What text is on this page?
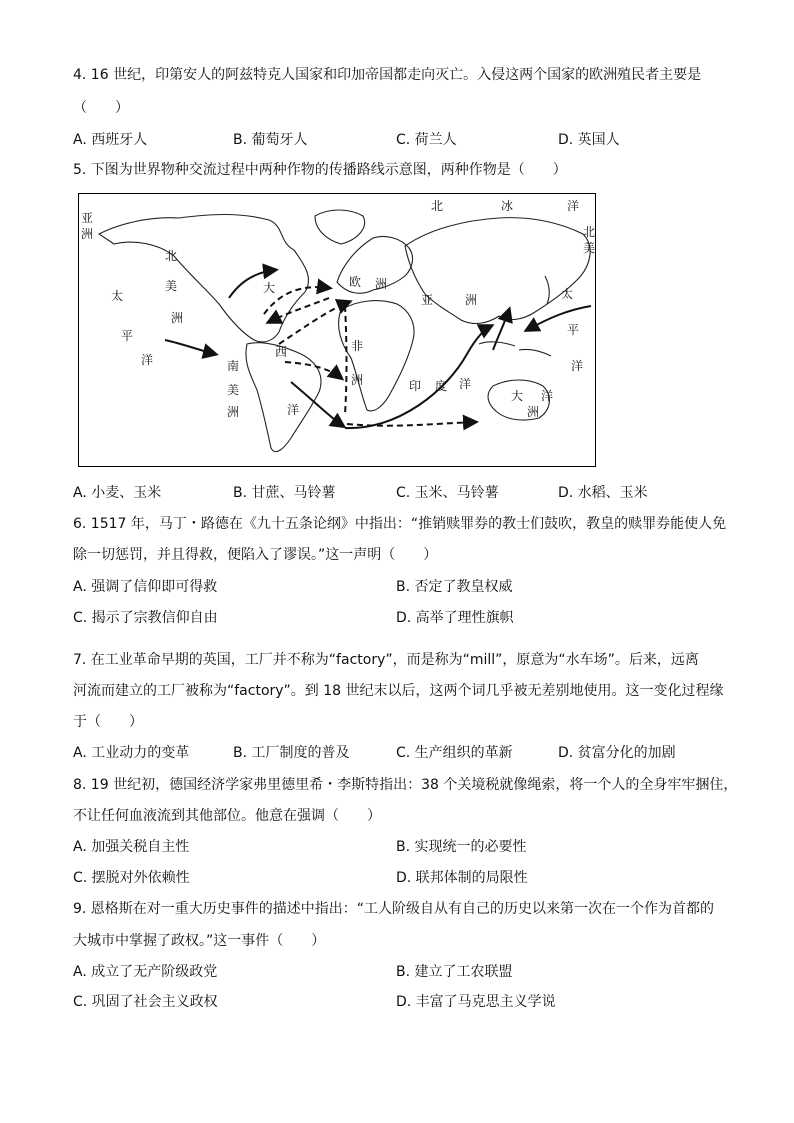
4. 16 世纪，印第安人的阿兹特克人国家和印加帝国都走向灭亡。入侵这两个国家的欧洲殖民者主要是
（　　）
A. 西班牙人	B. 葡萄牙人	C. 荷兰人	D. 英国人
5. 下图为世界物种交流过程中两种作物的传播路线示意图，两种作物是（　　）
亚
洲
北
美
洲
太
大
平
洋
西
南
美
洲	洋
欧 洲
非
洲
亚	洲
北	冰	洋
印 度 洋
大 洋
洲
北
美
太
平
洋
A. 小麦、玉米	B. 甘蔗、马铃薯	C. 玉米、马铃薯	D. 水稻、玉米
6. 1517 年，马丁・路德在《九十五条论纲》中指出：“推销赎罪券的教士们鼓吹，教皇的赎罪券能使人免
除一切惩罚，并且得救，便陷入了谬误。”这一声明（　　）
A. 强调了信仰即可得救	B. 否定了教皇权威
C. 揭示了宗教信仰自由	D. 高举了理性旗帜
7. 在工业革命早期的英国，工厂并不称为“factory”，而是称为“mill”，原意为“水车场”。后来，远离
河流而建立的工厂被称为“factory”。到 18 世纪末以后，这两个词几乎被无差别地使用。这一变化过程缘
于（　　）
A. 工业动力的变革	B. 工厂制度的普及	C. 生产组织的革新	D. 贫富分化的加剧
8. 19 世纪初，德国经济学家弗里德里希・李斯特指出：38 个关境税就像绳索，将一个人的全身牢牢捆住，
不让任何血液流到其他部位。他意在强调（　　）
A. 加强关税自主性	B. 实现统一的必要性
C. 摆脱对外依赖性	D. 联邦体制的局限性
9. 恩格斯在对一重大历史事件的描述中指出：“工人阶级自从有自己的历史以来第一次在一个作为首都的
大城市中掌握了政权。”这一事件（　　）
A. 成立了无产阶级政党	B. 建立了工农联盟
C. 巩固了社会主义政权	D. 丰富了马克思主义学说
